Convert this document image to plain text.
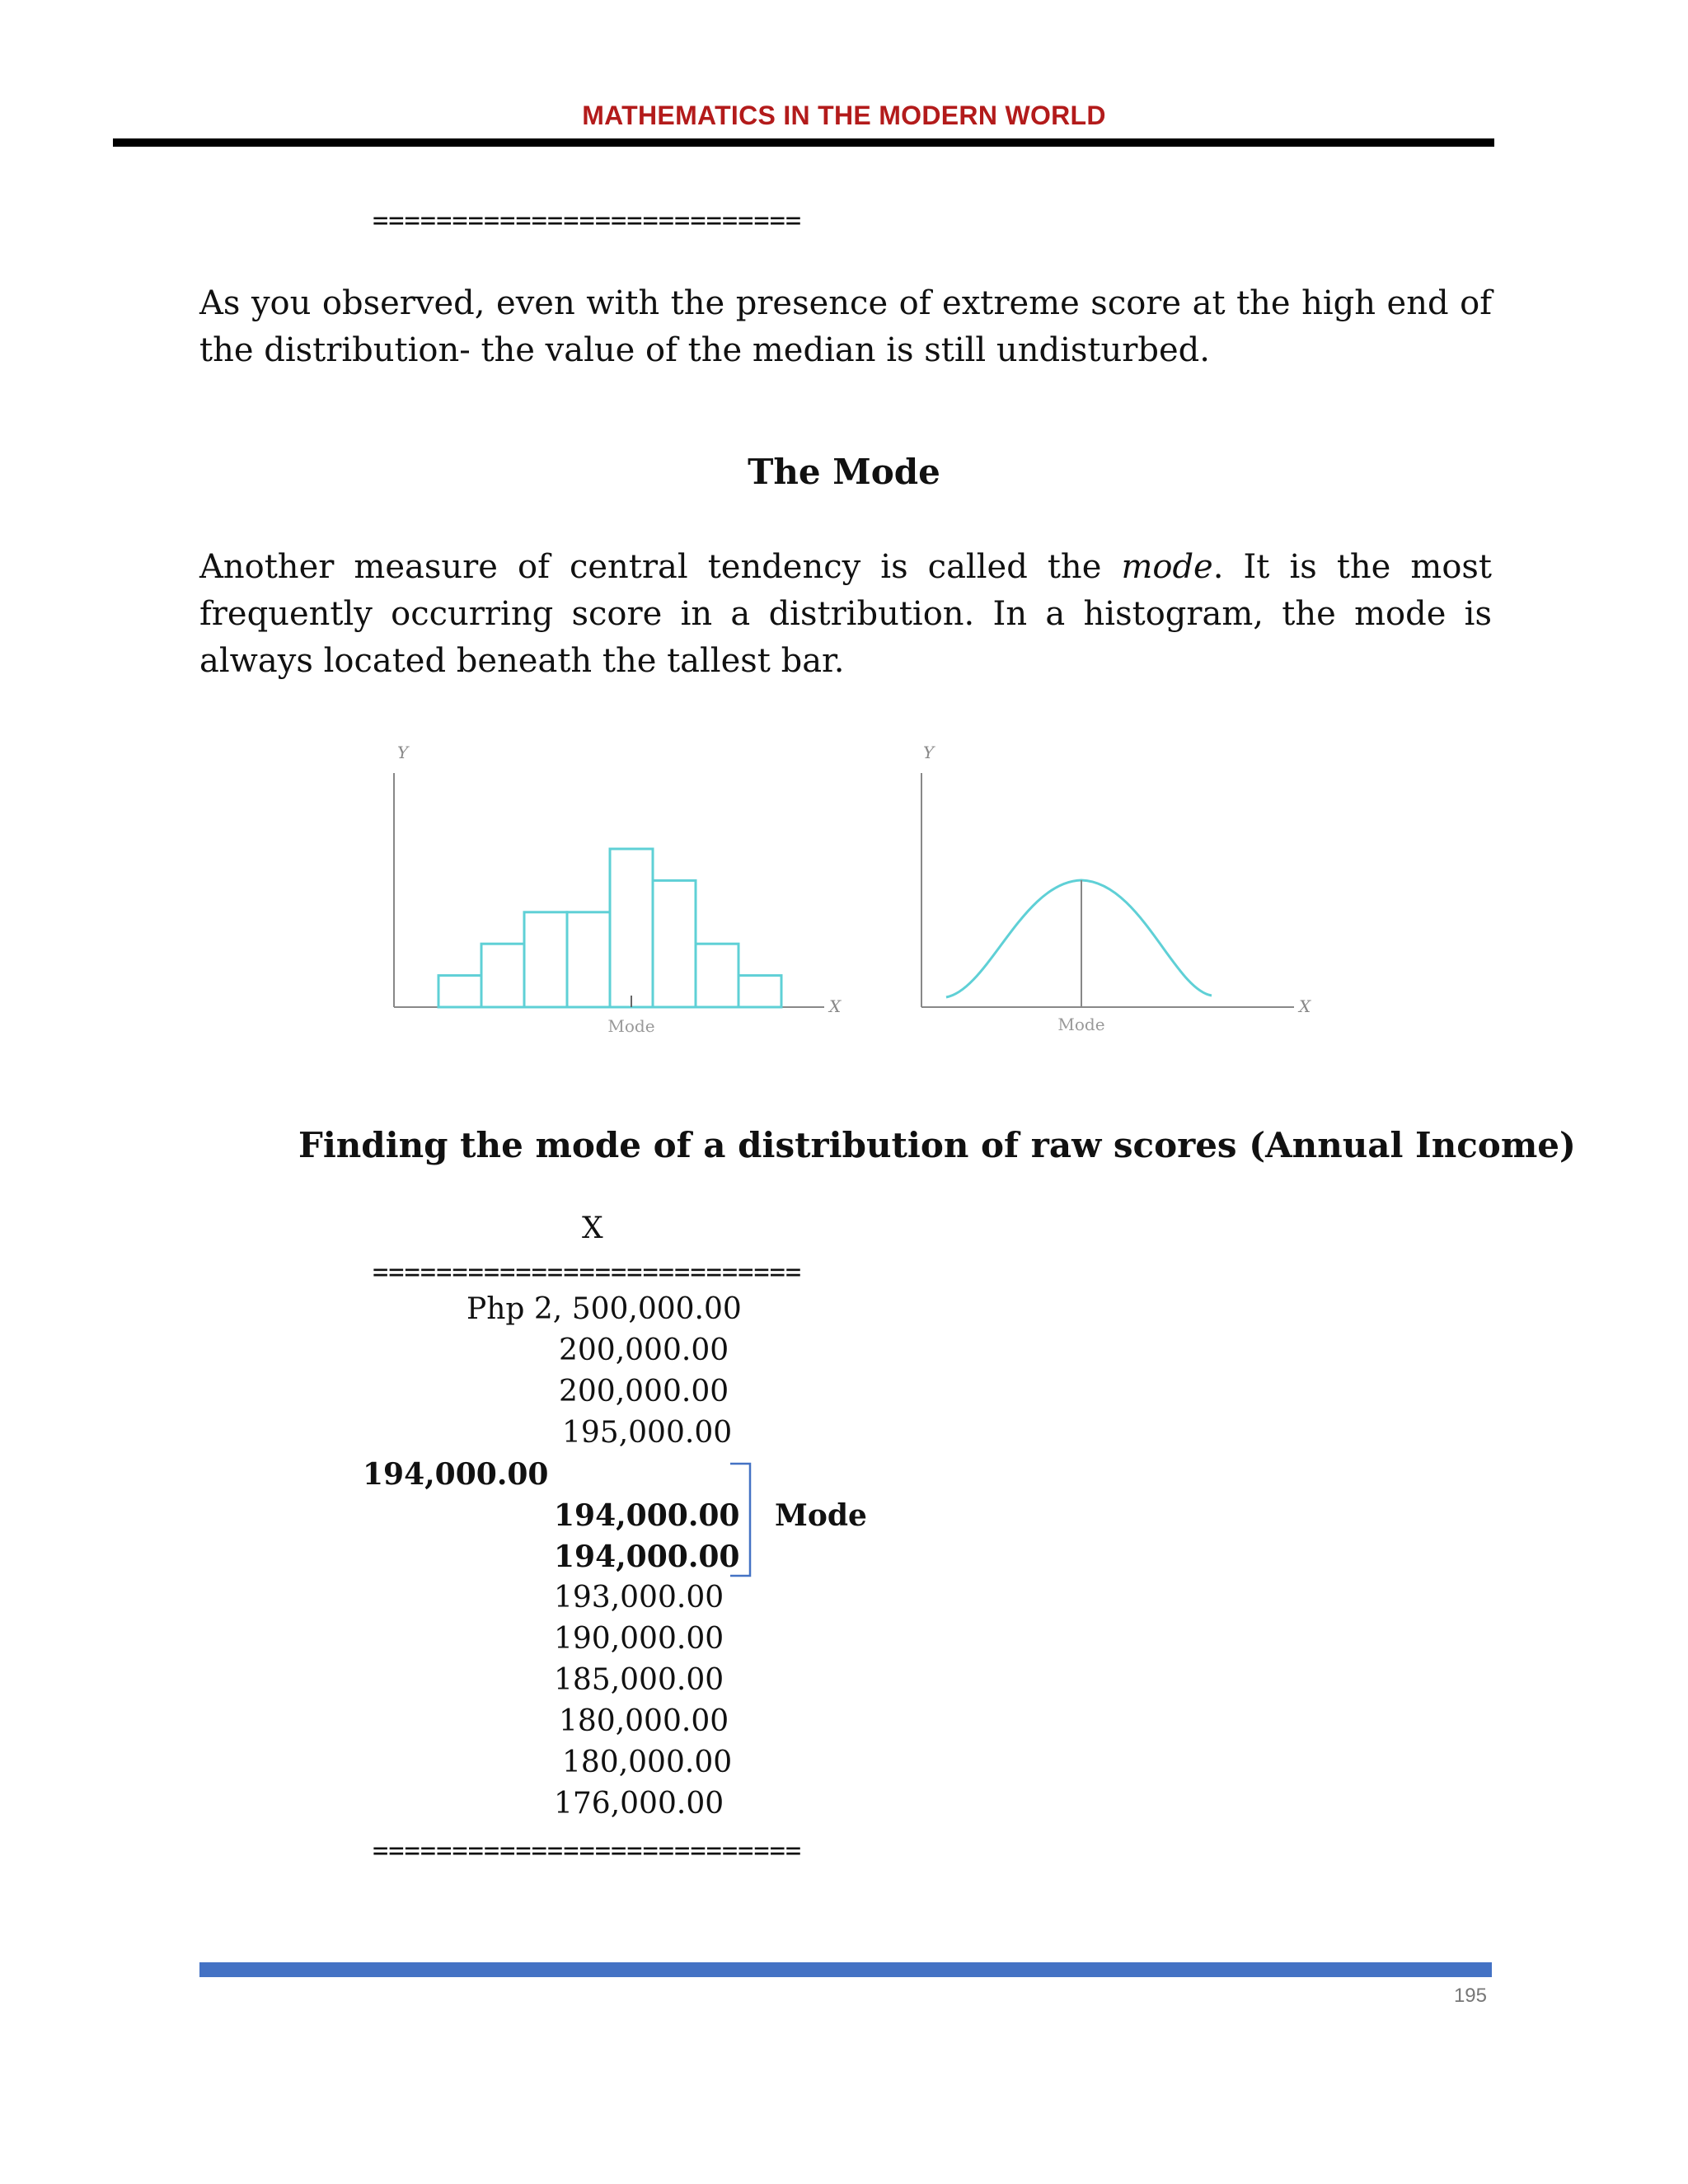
MATHEMATICS IN THE MODERN WORLD
===========================
As you observed, even with the presence of extreme score at the high end of the distribution- the value of the median is still undisturbed.
The Mode
Another measure of central tendency is called the mode. It is the most frequently occurring score in a distribution. In a histogram, the mode is always located beneath the tallest bar.
Y
X
Mode
Y
X
Mode
Finding the mode of a distribution of raw scores (Annual Income)
X
===========================
Php 2, 500,000.00
200,000.00
200,000.00
195,000.00
194,000.00
194,000.00
194,000.00
Mode
193,000.00
190,000.00
185,000.00
180,000.00
180,000.00
176,000.00
===========================
195
